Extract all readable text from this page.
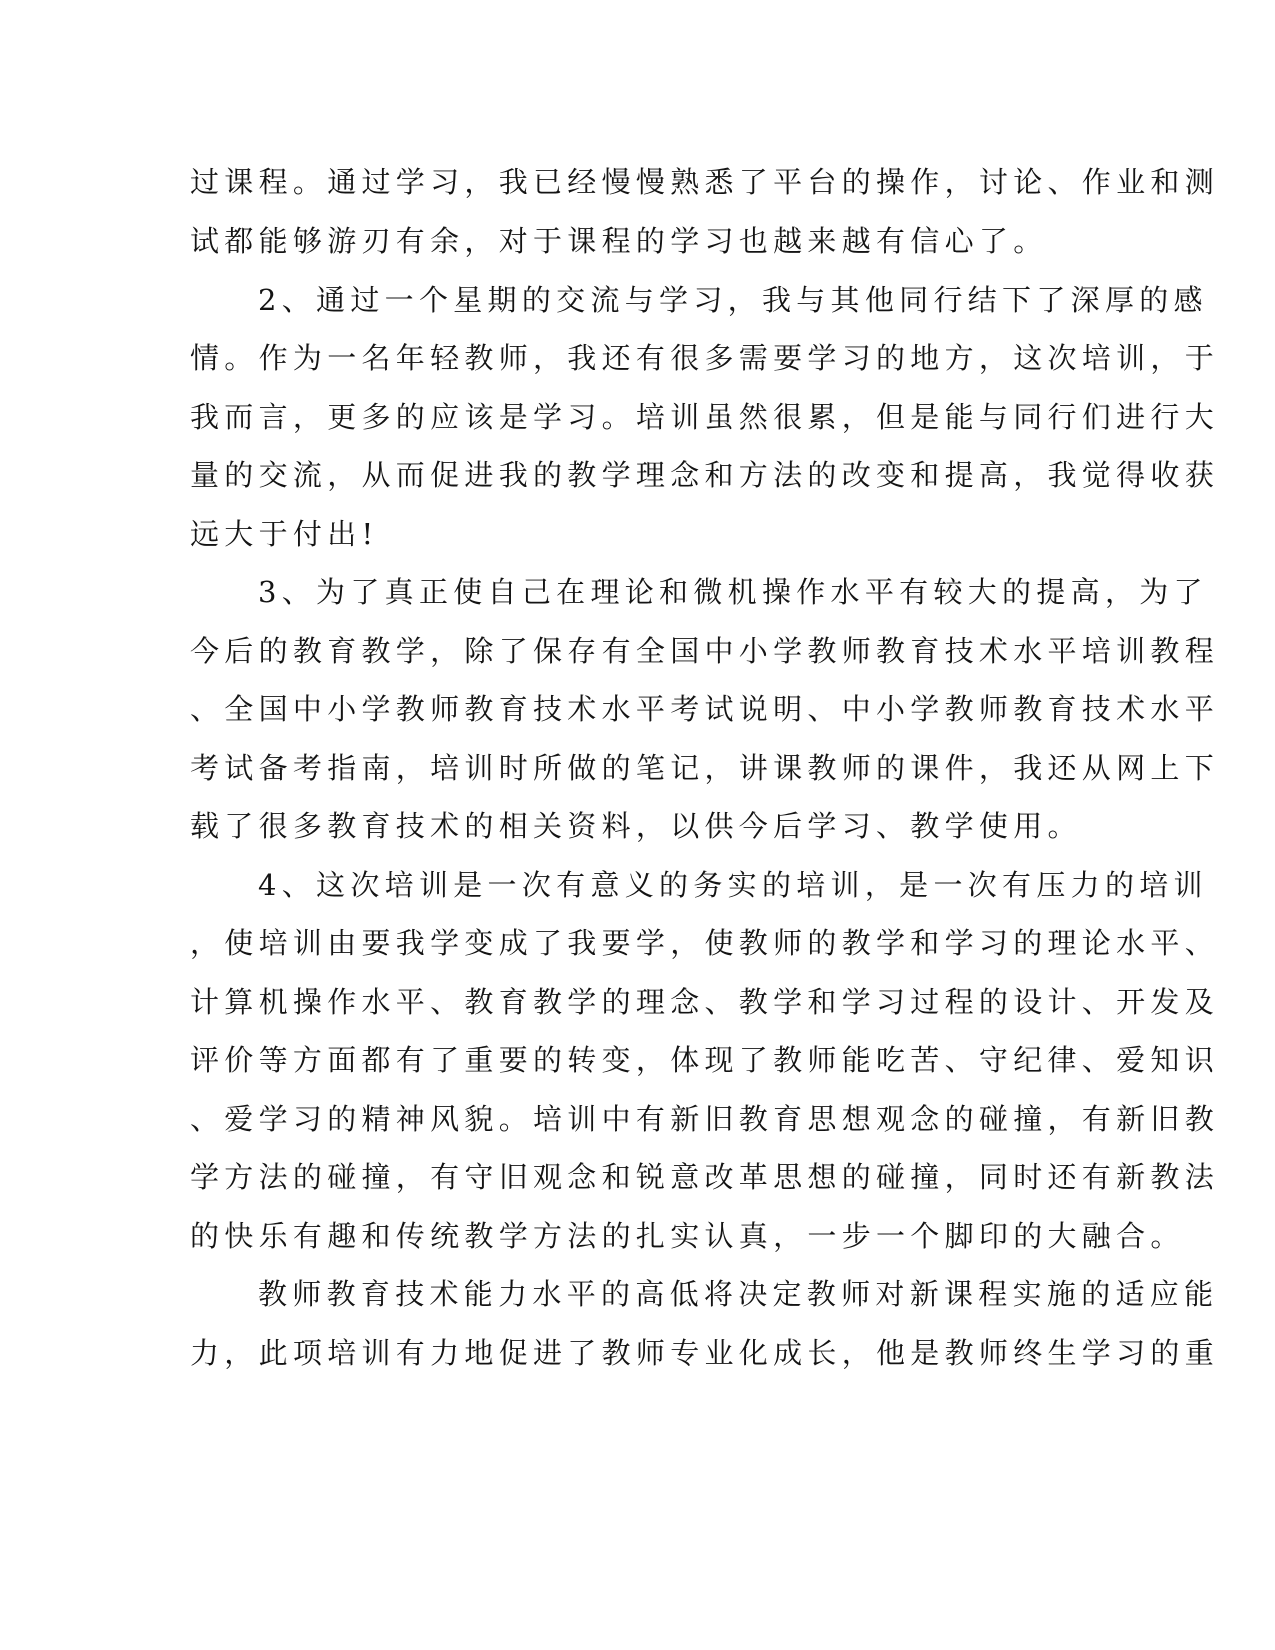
过课程。通过学习，我已经慢慢熟悉了平台的操作，讨论、作业和测
试都能够游刃有余，对于课程的学习也越来越有信心了。
2、通过一个星期的交流与学习，我与其他同行结下了深厚的感
情。作为一名年轻教师，我还有很多需要学习的地方，这次培训，于
我而言，更多的应该是学习。培训虽然很累，但是能与同行们进行大
量的交流，从而促进我的教学理念和方法的改变和提高，我觉得收获
远大于付出!
3、为了真正使自己在理论和微机操作水平有较大的提高，为了
今后的教育教学，除了保存有全国中小学教师教育技术水平培训教程
、全国中小学教师教育技术水平考试说明、中小学教师教育技术水平
考试备考指南，培训时所做的笔记，讲课教师的课件，我还从网上下
载了很多教育技术的相关资料，以供今后学习、教学使用。
4、这次培训是一次有意义的务实的培训，是一次有压力的培训
，使培训由要我学变成了我要学，使教师的教学和学习的理论水平、
计算机操作水平、教育教学的理念、教学和学习过程的设计、开发及
评价等方面都有了重要的转变，体现了教师能吃苦、守纪律、爱知识
、爱学习的精神风貌。培训中有新旧教育思想观念的碰撞，有新旧教
学方法的碰撞，有守旧观念和锐意改革思想的碰撞，同时还有新教法
的快乐有趣和传统教学方法的扎实认真，一步一个脚印的大融合。
教师教育技术能力水平的高低将决定教师对新课程实施的适应能
力，此项培训有力地促进了教师专业化成长，他是教师终生学习的重
